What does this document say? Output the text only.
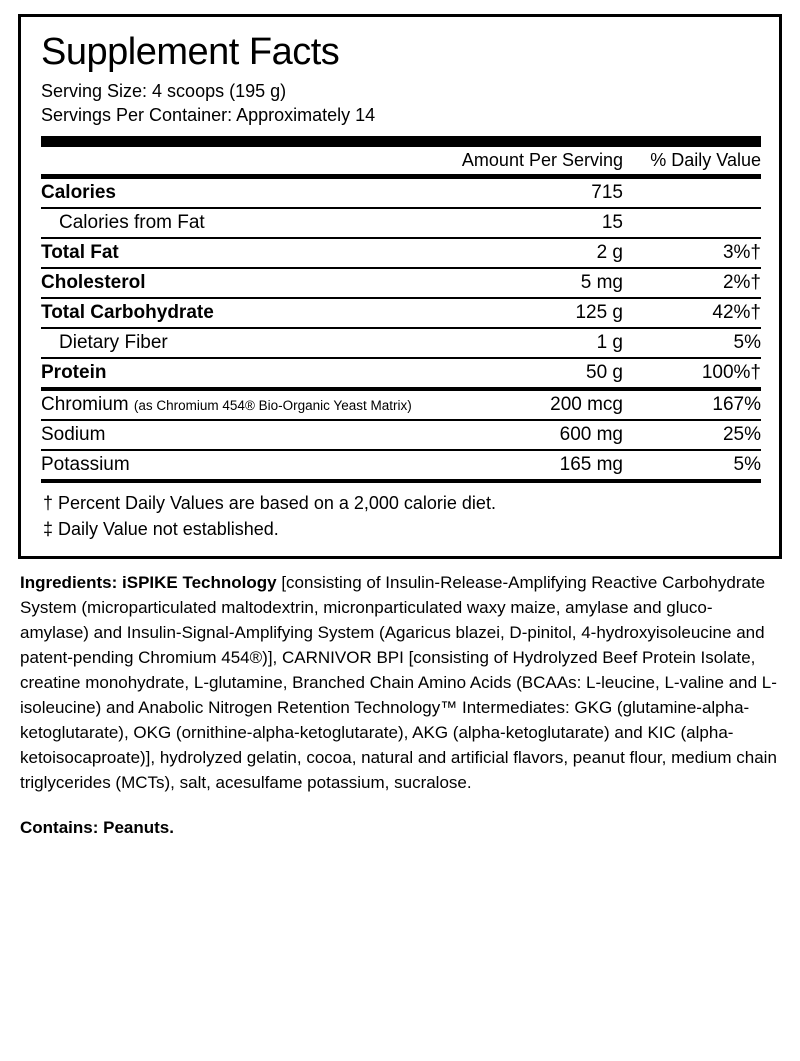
Supplement Facts

Serving Size: 4 scoops (195 g)

Servings Per Container: Approximately 14

	Amount Per Serving	% Daily Value
Calories	715	
Calories from Fat	15	
Total Fat	2 g	3%†
Cholesterol	5 mg	2%†
Total Carbohydrate	125 g	42%†
Dietary Fiber	1 g	5%
Protein	50 g	100%†
Chromium (as Chromium 454® Bio-Organic Yeast Matrix)	200 mcg	167%
Sodium	600 mg	25%
Potassium	165 mg	5%

† Percent Daily Values are based on a 2,000 calorie diet.

‡ Daily Value not established.

Ingredients: iSPIKE Technology [consisting of Insulin-Release-Amplifying Reactive Carbohydrate System (microparticulated maltodextrin, micronparticulated waxy maize, amylase and gluco-amylase) and Insulin-Signal-Amplifying System (Agaricus blazei, D-pinitol, 4-hydroxyisoleucine and patent-pending Chromium 454®)], CARNIVOR BPI [consisting of Hydrolyzed Beef Protein Isolate, creatine monohydrate, L-glutamine, Branched Chain Amino Acids (BCAAs: L-leucine, L-valine and L-isoleucine) and Anabolic Nitrogen Retention Technology™ Intermediates: GKG (glutamine-alpha-ketoglutarate), OKG (ornithine-alpha-ketoglutarate), AKG (alpha-ketoglutarate) and KIC (alpha-ketoisocaproate)], hydrolyzed gelatin, cocoa, natural and artificial flavors, peanut flour, medium chain triglycerides (MCTs), salt, acesulfame potassium, sucralose.

Contains: Peanuts.
